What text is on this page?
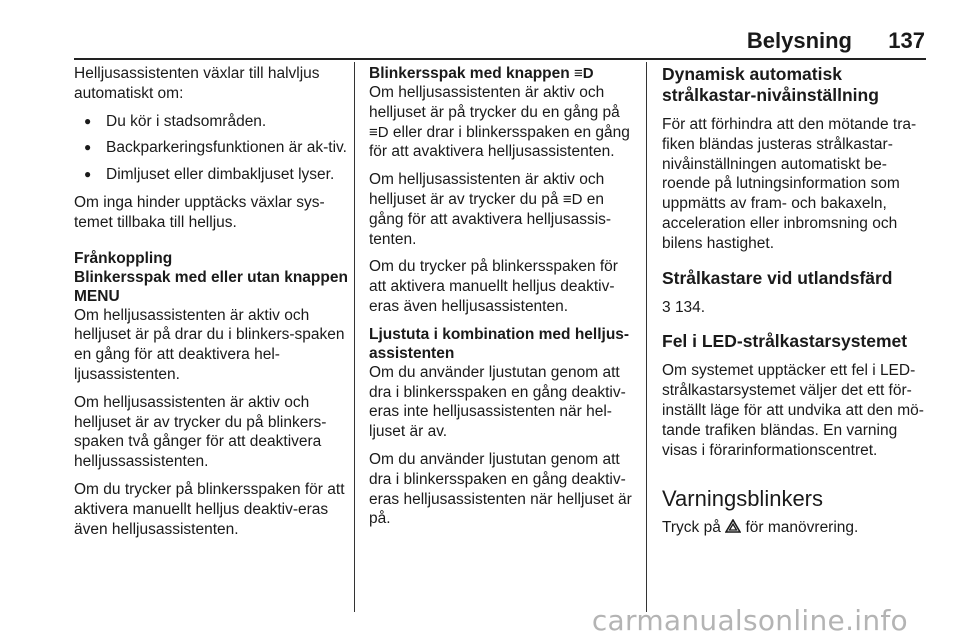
Belysning 137

Helljusassistenten växlar till halvljus automatiskt om:

● Du kör i stadsområden.
● Backparkeringsfunktionen är ak-tiv.
● Dimljuset eller dimbakljuset lyser.

Om inga hinder upptäcks växlar sys-temet tillbaka till helljus.

Frånkoppling
Blinkersspak med eller utan knappen MENU

Om helljusassistenten är aktiv och helljuset är på drar du i blinkers-spaken en gång för att deaktivera hel-ljusassistenten.

Om helljusassistenten är aktiv och helljuset är av trycker du på blinkers-spaken två gånger för att deaktivera helljussassistenten.

Om du trycker på blinkersspaken för att aktivera manuellt helljus deaktiv-eras även helljusassistenten.

Blinkersspak med knappen ≡D

Om helljusassistenten är aktiv och helljuset är på trycker du en gång på ≡D eller drar i blinkersspaken en gång för att avaktivera helljusassistenten.

Om helljusassistenten är aktiv och helljuset är av trycker du på ≡D en gång för att avaktivera helljusassis-tenten.

Om du trycker på blinkersspaken för att aktivera manuellt helljus deaktiv-eras även helljusassistenten.

Ljustuta i kombination med helljus-assistenten

Om du använder ljustutan genom att dra i blinkersspaken en gång deaktiv-eras inte helljusassistenten när hel-ljuset är av.

Om du använder ljustutan genom att dra i blinkersspaken en gång deaktiv-eras helljusassistenten när helljuset är på.

Dynamisk automatisk strålkastar-nivåinställning

För att förhindra att den mötande tra-fiken bländas justeras strålkastar-nivåinställningen automatiskt be-roende på lutningsinformation som uppmätts av fram- och bakaxeln, acceleration eller inbromsning och bilens hastighet.

Strålkastare vid utlandsfärd

3 134.

Fel i LED-strålkastarsystemet

Om systemet upptäcker ett fel i LED-strålkastarsystemet väljer det ett för-inställt läge för att undvika att den mö-tande trafiken bländas. En varning visas i förarinformationscentret.

Varningsblinkers

Tryck på för manövrering.

carmanualsonline.info
